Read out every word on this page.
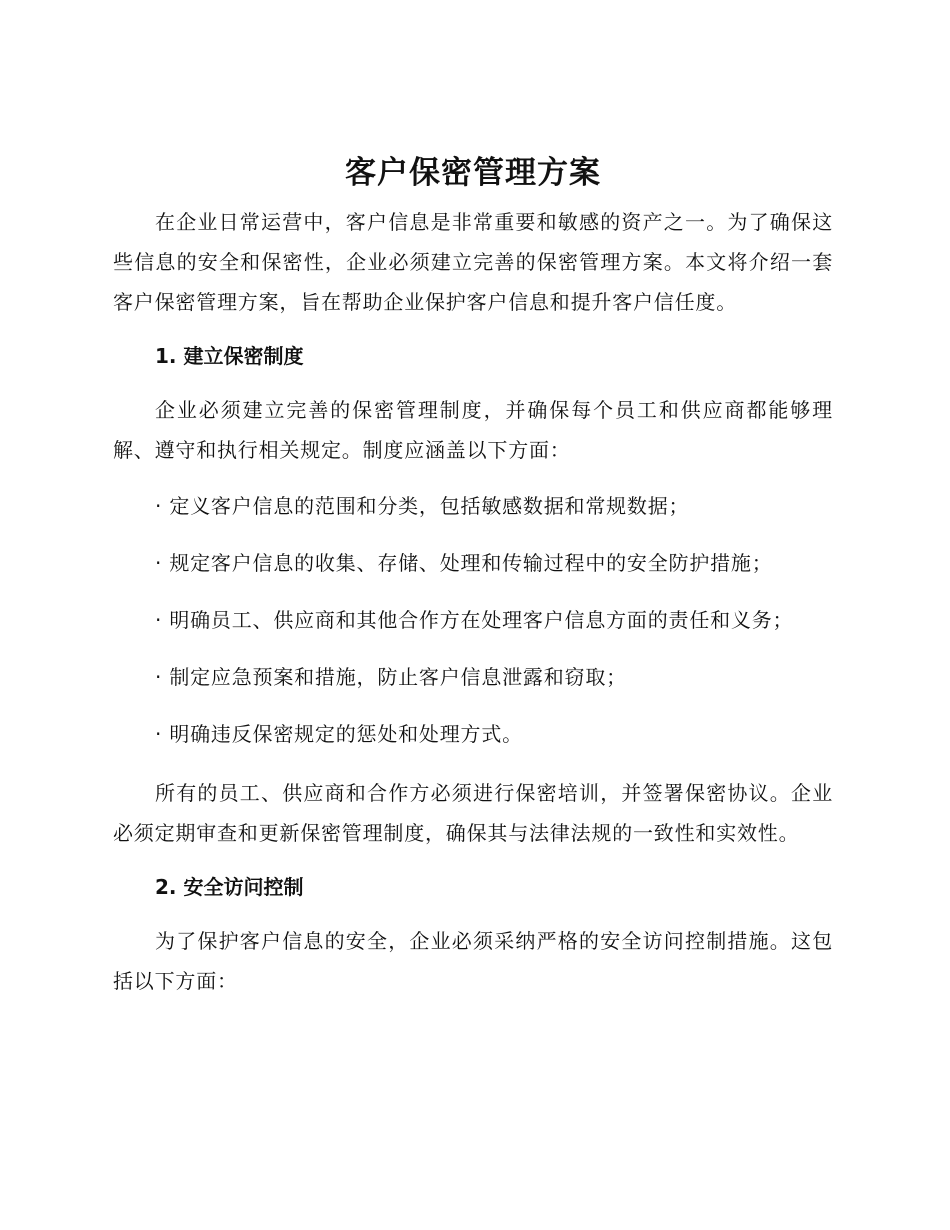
客户保密管理方案

在企业日常运营中，客户信息是非常重要和敏感的资产之一。为了确保这些信息的安全和保密性，企业必须建立完善的保密管理方案。本文将介绍一套客户保密管理方案，旨在帮助企业保护客户信息和提升客户信任度。

1. 建立保密制度

企业必须建立完善的保密管理制度，并确保每个员工和供应商都能够理解、遵守和执行相关规定。制度应涵盖以下方面：

· 定义客户信息的范围和分类，包括敏感数据和常规数据；

· 规定客户信息的收集、存储、处理和传输过程中的安全防护措施；

· 明确员工、供应商和其他合作方在处理客户信息方面的责任和义务；

· 制定应急预案和措施，防止客户信息泄露和窃取；

· 明确违反保密规定的惩处和处理方式。

所有的员工、供应商和合作方必须进行保密培训，并签署保密协议。企业必须定期审查和更新保密管理制度，确保其与法律法规的一致性和实效性。

2. 安全访问控制

为了保护客户信息的安全，企业必须采纳严格的安全访问控制措施。这包括以下方面：
